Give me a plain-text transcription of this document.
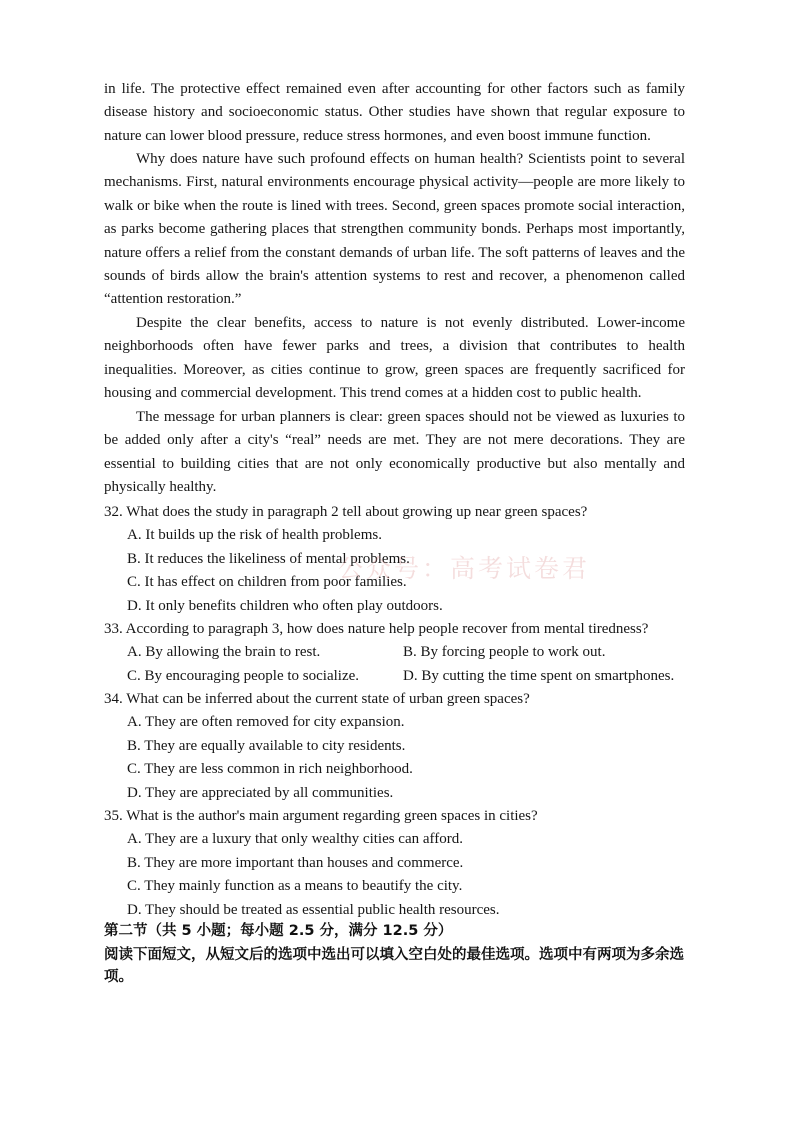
in life. The protective effect remained even after accounting for other factors such as family disease history and socioeconomic status. Other studies have shown that regular exposure to nature can lower blood pressure, reduce stress hormones, and even boost immune function.

Why does nature have such profound effects on human health? Scientists point to several mechanisms. First, natural environments encourage physical activity—people are more likely to walk or bike when the route is lined with trees. Second, green spaces promote social interaction, as parks become gathering places that strengthen community bonds. Perhaps most importantly, nature offers a relief from the constant demands of urban life. The soft patterns of leaves and the sounds of birds allow the brain's attention systems to rest and recover, a phenomenon called “attention restoration.”

Despite the clear benefits, access to nature is not evenly distributed. Lower-income neighborhoods often have fewer parks and trees, a division that contributes to health inequalities. Moreover, as cities continue to grow, green spaces are frequently sacrificed for housing and commercial development. This trend comes at a hidden cost to public health.

The message for urban planners is clear: green spaces should not be viewed as luxuries to be added only after a city's “real” needs are met. They are not mere decorations. They are essential to building cities that are not only economically productive but also mentally and physically healthy.

32. What does the study in paragraph 2 tell about growing up near green spaces?
A. It builds up the risk of health problems.
B. It reduces the likeliness of mental problems.
C. It has effect on children from poor families.
D. It only benefits children who often play outdoors.
33. According to paragraph 3, how does nature help people recover from mental tiredness?
A. By allowing the brain to rest.	B. By forcing people to work out.
C. By encouraging people to socialize.	D. By cutting the time spent on smartphones.
34. What can be inferred about the current state of urban green spaces?
A. They are often removed for city expansion.
B. They are equally available to city residents.
C. They are less common in rich neighborhood.
D. They are appreciated by all communities.
35. What is the author's main argument regarding green spaces in cities?
A. They are a luxury that only wealthy cities can afford.
B. They are more important than houses and commerce.
C. They mainly function as a means to beautify the city.
D. They should be treated as essential public health resources.
第二节（共 5 小题；每小题 2.5 分，满分 12.5 分）
阅读下面短文，从短文后的选项中选出可以填入空白处的最佳选项。选项中有两项为多余选项。
公众号：高考试卷君
